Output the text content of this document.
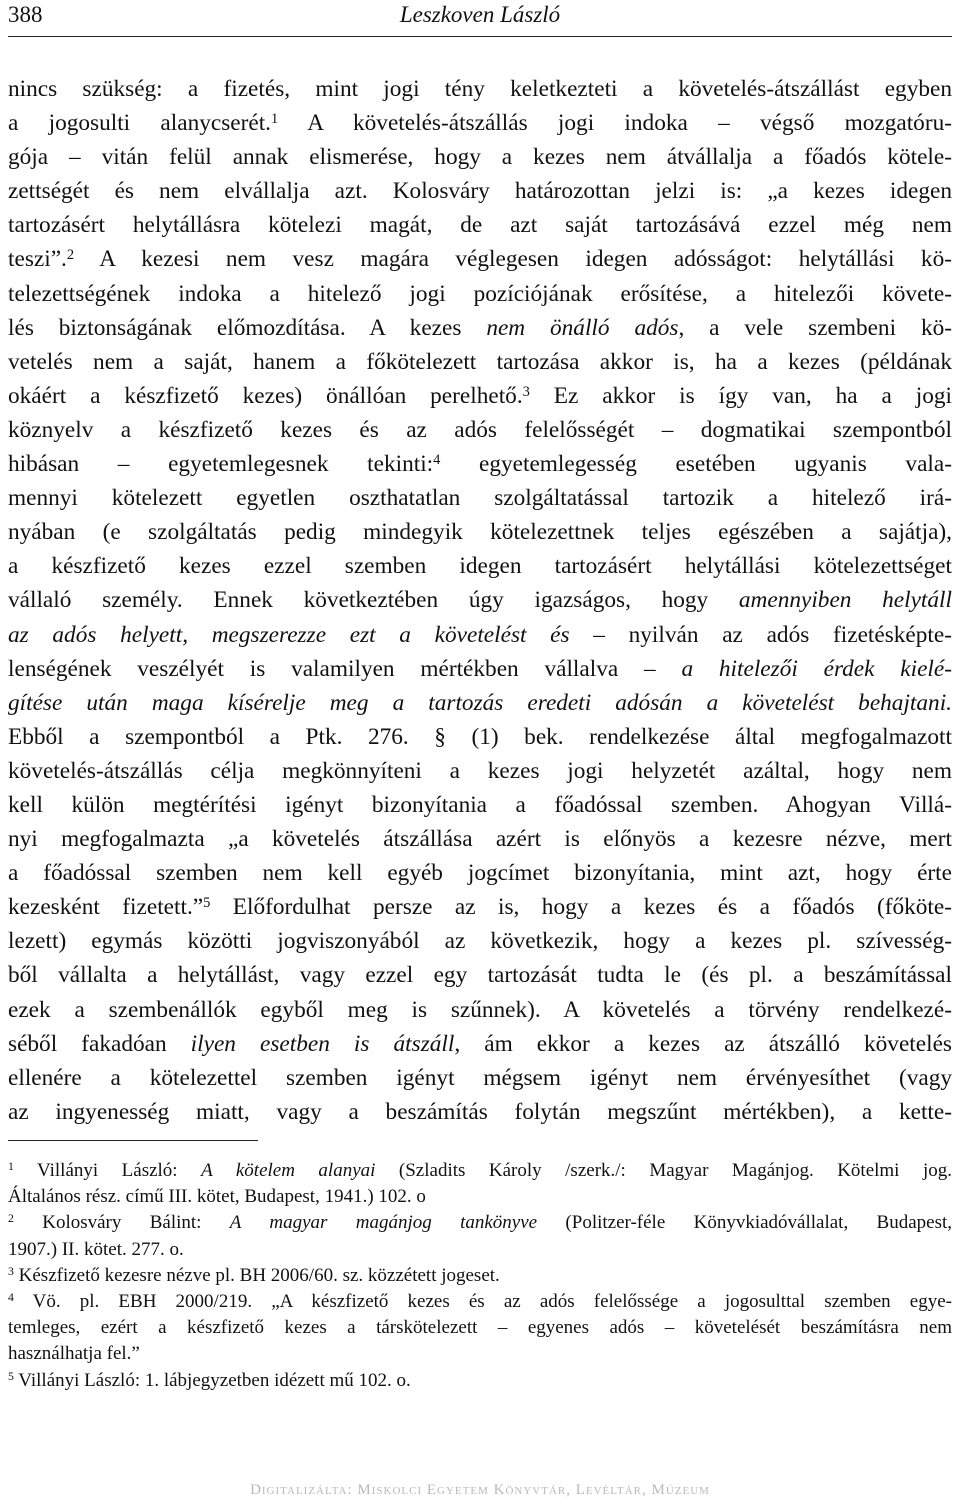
388	Leszkoven László
nincs szükség: a fizetés, mint jogi tény keletkezteti a követelés-átszállást egyben
a jogosulti alanycserét.$^1$ A követelés-átszállás jogi indoka – végső mozgatóru-
gója – vitán felül annak elismerése, hogy a kezes nem átvállalja a főadós kötele-
zettségét és nem elvállalja azt. Kolosváry határozottan jelzi is: „a kezes idegen
tartozásért helytállásra kötelezi magát, de azt saját tartozásává ezzel még nem
teszi”.$^2$ A kezesi nem vesz magára véglegesen idegen adósságot: helytállási kö-
telezettségének indoka a hitelező jogi pozíciójának erősítése, a hitelezői követe-
lés biztonságának előmozdítása. A kezes nem önálló adós, a vele szembeni kö-
vetelés nem a saját, hanem a főkötelezett tartozása akkor is, ha a kezes (példának
okáért a készfizető kezes) önállóan perelhető.$^3$ Ez akkor is így van, ha a jogi
köznyelv a készfizető kezes és az adós felelősségét – dogmatikai szempontból
hibásan – egyetemlegesnek tekinti:$^4$ egyetemlegesség esetében ugyanis vala-
mennyi kötelezett egyetlen oszthatatlan szolgáltatással tartozik a hitelező irá-
nyában (e szolgáltatás pedig mindegyik kötelezettnek teljes egészében a sajátja),
a készfizető kezes ezzel szemben idegen tartozásért helytállási kötelezettséget
vállaló személy. Ennek következtében úgy igazságos, hogy amennyiben helytáll
az adós helyett, megszerezze ezt a követelést és – nyilván az adós fizetésképte-
lenségének veszélyét is valamilyen mértékben vállalva – a hitelezői érdek kielé-
gítése után maga kísérelje meg a tartozás eredeti adósán a követelést behajtani.
Ebből a szempontból a Ptk. 276. § (1) bek. rendelkezése által megfogalmazott
követelés-átszállás célja megkönnyíteni a kezes jogi helyzetét azáltal, hogy nem
kell külön megtérítési igényt bizonyítania a főadóssal szemben. Ahogyan Villá-
nyi megfogalmazta „a követelés átszállása azért is előnyös a kezesre nézve, mert
a főadóssal szemben nem kell egyéb jogcímet bizonyítania, mint azt, hogy érte
kezesként fizetett.”$^5$ Előfordulhat persze az is, hogy a kezes és a főadós (főköte-
lezett) egymás közötti jogviszonyából az következik, hogy a kezes pl. szívesség-
ből vállalta a helytállást, vagy ezzel egy tartozását tudta le (és pl. a beszámítással
ezek a szembenállók egyből meg is szűnnek). A követelés a törvény rendelkezé-
séből fakadóan ilyen esetben is átszáll, ám ekkor a kezes az átszálló követelés
ellenére a kötelezettel szemben igényt mégsem igényt nem érvényesíthet (vagy
az ingyenesség miatt, vagy a beszámítás folytán megszűnt mértékben), a kette-
$^1$ Villányi László: A kötelem alanyai (Szladits Károly /szerk./: Magyar Magánjog. Kötelmi jog.
Általános rész. című III. kötet, Budapest, 1941.) 102. o
$^2$ Kolosváry Bálint: A magyar magánjog tankönyve (Politzer-féle Könyvkiadóvállalat, Budapest,
1907.) II. kötet. 277. o.
$^3$ Készfizető kezesre nézve pl. BH 2006/60. sz. közzétett jogeset.
$^4$ Vö. pl. EBH 2000/219. „A készfizető kezes és az adós felelőssége a jogosulttal szemben egye-
temleges, ezért a készfizető kezes a társkötelezett – egyenes adós – követelését beszámításra nem
használhatja fel.”
$^5$ Villányi László: 1. lábjegyzetben idézett mű 102. o.
Digitalizálta: Miskolci Egyetem Könyvtár, Levéltár, Múzeum
